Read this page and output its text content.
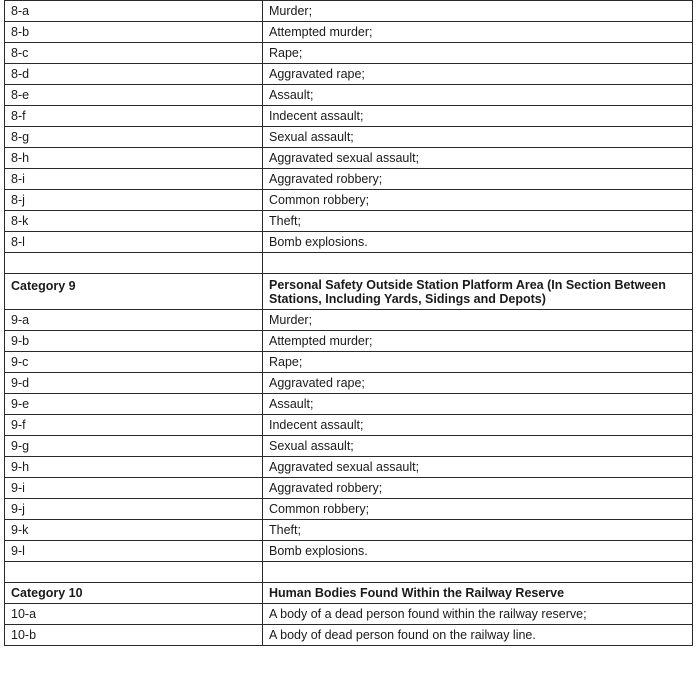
8-a	Murder;
8-b	Attempted murder;
8-c	Rape;
8-d	Aggravated rape;
8-e	Assault;
8-f	Indecent assault;
8-g	Sexual assault;
8-h	Aggravated sexual assault;
8-i	Aggravated robbery;
8-j	Common robbery;
8-k	Theft;
8-l	Bomb explosions.

Category 9	Personal Safety Outside Station Platform Area (In Section Between Stations, Including Yards, Sidings and Depots)
9-a	Murder;
9-b	Attempted murder;
9-c	Rape;
9-d	Aggravated rape;
9-e	Assault;
9-f	Indecent assault;
9-g	Sexual assault;
9-h	Aggravated sexual assault;
9-i	Aggravated robbery;
9-j	Common robbery;
9-k	Theft;
9-l	Bomb explosions.

Category 10	Human Bodies Found Within the Railway Reserve
10-a	A body of a dead person found within the railway reserve;
10-b	A body of dead person found on the railway line.
